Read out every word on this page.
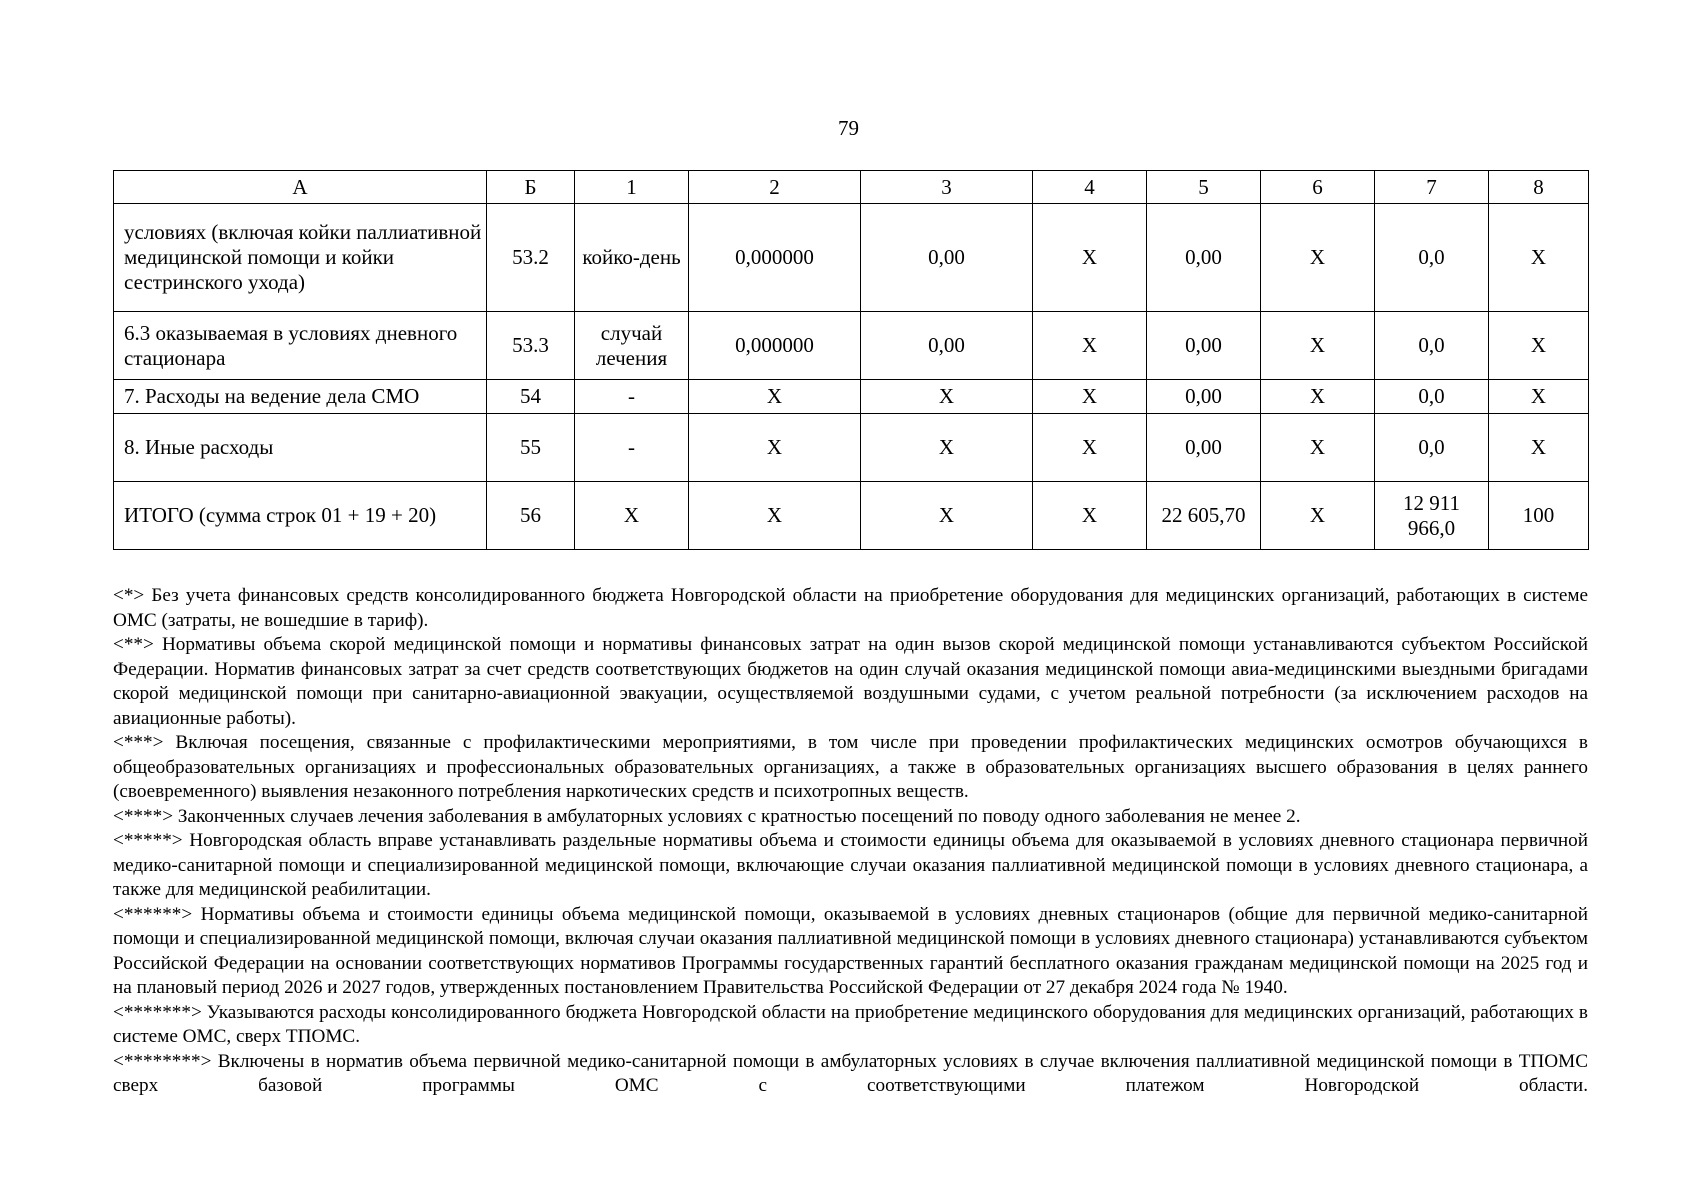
79
А	Б	1	2	3	4	5	6	7	8
условиях (включая койки паллиативной медицинской помощи и койки сестринского ухода)	53.2	койко-день	0,000000	0,00	Х	0,00	Х	0,0	Х
6.3 оказываемая в условиях дневного стационара	53.3	случай лечения	0,000000	0,00	Х	0,00	Х	0,0	Х
7. Расходы на ведение дела СМО	54	-	Х	Х	Х	0,00	Х	0,0	Х
8. Иные расходы	55	-	Х	Х	Х	0,00	Х	0,0	Х
ИТОГО (сумма строк 01 + 19 + 20)	56	Х	Х	Х	Х	22 605,70	Х	12 911 966,0	100

<*> Без учета финансовых средств консолидированного бюджета Новгородской области на приобретение оборудования для медицинских организаций, работающих в системе ОМС (затраты, не вошедшие в тариф).

<**> Нормативы объема скорой медицинской помощи и нормативы финансовых затрат на один вызов скорой медицинской помощи устанавливаются субъектом Российской Федерации. Норматив финансовых затрат за счет средств соответствующих бюджетов на один случай оказания медицинской помощи авиа-медицинскими выездными бригадами скорой медицинской помощи при санитарно-авиационной эвакуации, осуществляемой воздушными судами, с учетом реальной потребности (за исключением расходов на авиационные работы).

<***> Включая посещения, связанные с профилактическими мероприятиями, в том числе при проведении профилактических медицинских осмотров обучающихся в общеобразовательных организациях и профессиональных образовательных организациях, а также в образовательных организациях высшего образования в целях раннего (своевременного) выявления незаконного потребления наркотических средств и психотропных веществ.

<****> Законченных случаев лечения заболевания в амбулаторных условиях с кратностью посещений по поводу одного заболевания не менее 2.

<*****> Новгородская область вправе устанавливать раздельные нормативы объема и стоимости единицы объема для оказываемой в условиях дневного стационара первичной медико-санитарной помощи и специализированной медицинской помощи, включающие случаи оказания паллиативной медицинской помощи в условиях дневного стационара, а также для медицинской реабилитации.

<******> Нормативы объема и стоимости единицы объема медицинской помощи, оказываемой в условиях дневных стационаров (общие для первичной медико-санитарной помощи и специализированной медицинской помощи, включая случаи оказания паллиативной медицинской помощи в условиях дневного стационара) устанавливаются субъектом Российской Федерации на основании соответствующих нормативов Программы государственных гарантий бесплатного оказания гражданам медицинской помощи на 2025 год и на плановый период 2026 и 2027 годов, утвержденных постановлением Правительства Российской Федерации от 27 декабря 2024 года № 1940.

<*******> Указываются расходы консолидированного бюджета Новгородской области на приобретение медицинского оборудования для медицинских организаций, работающих в системе ОМС, сверх ТПОМС.

<********> Включены в норматив объема первичной медико-санитарной помощи в амбулаторных условиях в случае включения паллиативной медицинской помощи в ТПОМС сверх базовой программы ОМС с соответствующими платежом Новгородской области.
